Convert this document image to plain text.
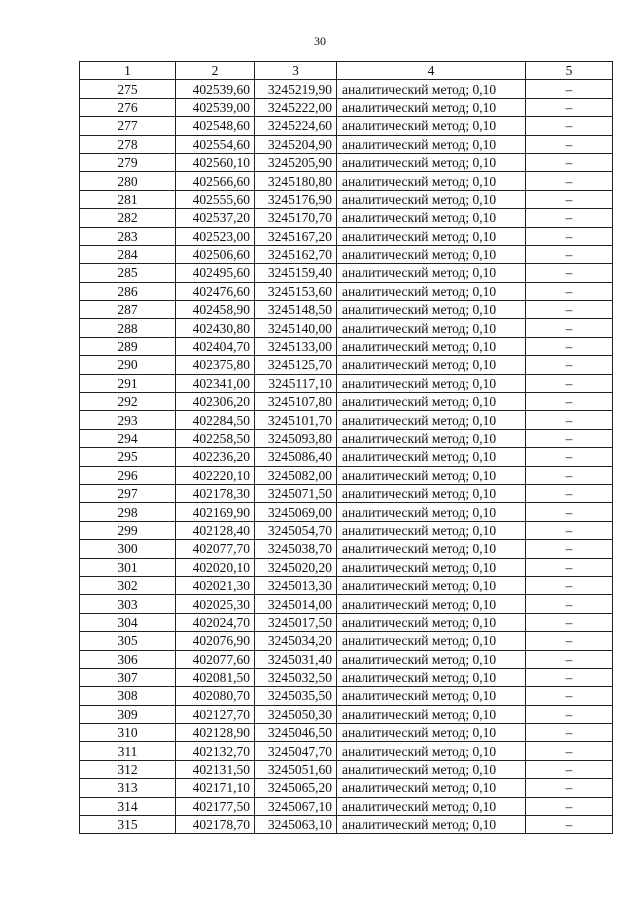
30
1	2	3	4	5
275	402539,60	3245219,90	аналитический метод; 0,10	–
276	402539,00	3245222,00	аналитический метод; 0,10	–
277	402548,60	3245224,60	аналитический метод; 0,10	–
278	402554,60	3245204,90	аналитический метод; 0,10	–
279	402560,10	3245205,90	аналитический метод; 0,10	–
280	402566,60	3245180,80	аналитический метод; 0,10	–
281	402555,60	3245176,90	аналитический метод; 0,10	–
282	402537,20	3245170,70	аналитический метод; 0,10	–
283	402523,00	3245167,20	аналитический метод; 0,10	–
284	402506,60	3245162,70	аналитический метод; 0,10	–
285	402495,60	3245159,40	аналитический метод; 0,10	–
286	402476,60	3245153,60	аналитический метод; 0,10	–
287	402458,90	3245148,50	аналитический метод; 0,10	–
288	402430,80	3245140,00	аналитический метод; 0,10	–
289	402404,70	3245133,00	аналитический метод; 0,10	–
290	402375,80	3245125,70	аналитический метод; 0,10	–
291	402341,00	3245117,10	аналитический метод; 0,10	–
292	402306,20	3245107,80	аналитический метод; 0,10	–
293	402284,50	3245101,70	аналитический метод; 0,10	–
294	402258,50	3245093,80	аналитический метод; 0,10	–
295	402236,20	3245086,40	аналитический метод; 0,10	–
296	402220,10	3245082,00	аналитический метод; 0,10	–
297	402178,30	3245071,50	аналитический метод; 0,10	–
298	402169,90	3245069,00	аналитический метод; 0,10	–
299	402128,40	3245054,70	аналитический метод; 0,10	–
300	402077,70	3245038,70	аналитический метод; 0,10	–
301	402020,10	3245020,20	аналитический метод; 0,10	–
302	402021,30	3245013,30	аналитический метод; 0,10	–
303	402025,30	3245014,00	аналитический метод; 0,10	–
304	402024,70	3245017,50	аналитический метод; 0,10	–
305	402076,90	3245034,20	аналитический метод; 0,10	–
306	402077,60	3245031,40	аналитический метод; 0,10	–
307	402081,50	3245032,50	аналитический метод; 0,10	–
308	402080,70	3245035,50	аналитический метод; 0,10	–
309	402127,70	3245050,30	аналитический метод; 0,10	–
310	402128,90	3245046,50	аналитический метод; 0,10	–
311	402132,70	3245047,70	аналитический метод; 0,10	–
312	402131,50	3245051,60	аналитический метод; 0,10	–
313	402171,10	3245065,20	аналитический метод; 0,10	–
314	402177,50	3245067,10	аналитический метод; 0,10	–
315	402178,70	3245063,10	аналитический метод; 0,10	–
